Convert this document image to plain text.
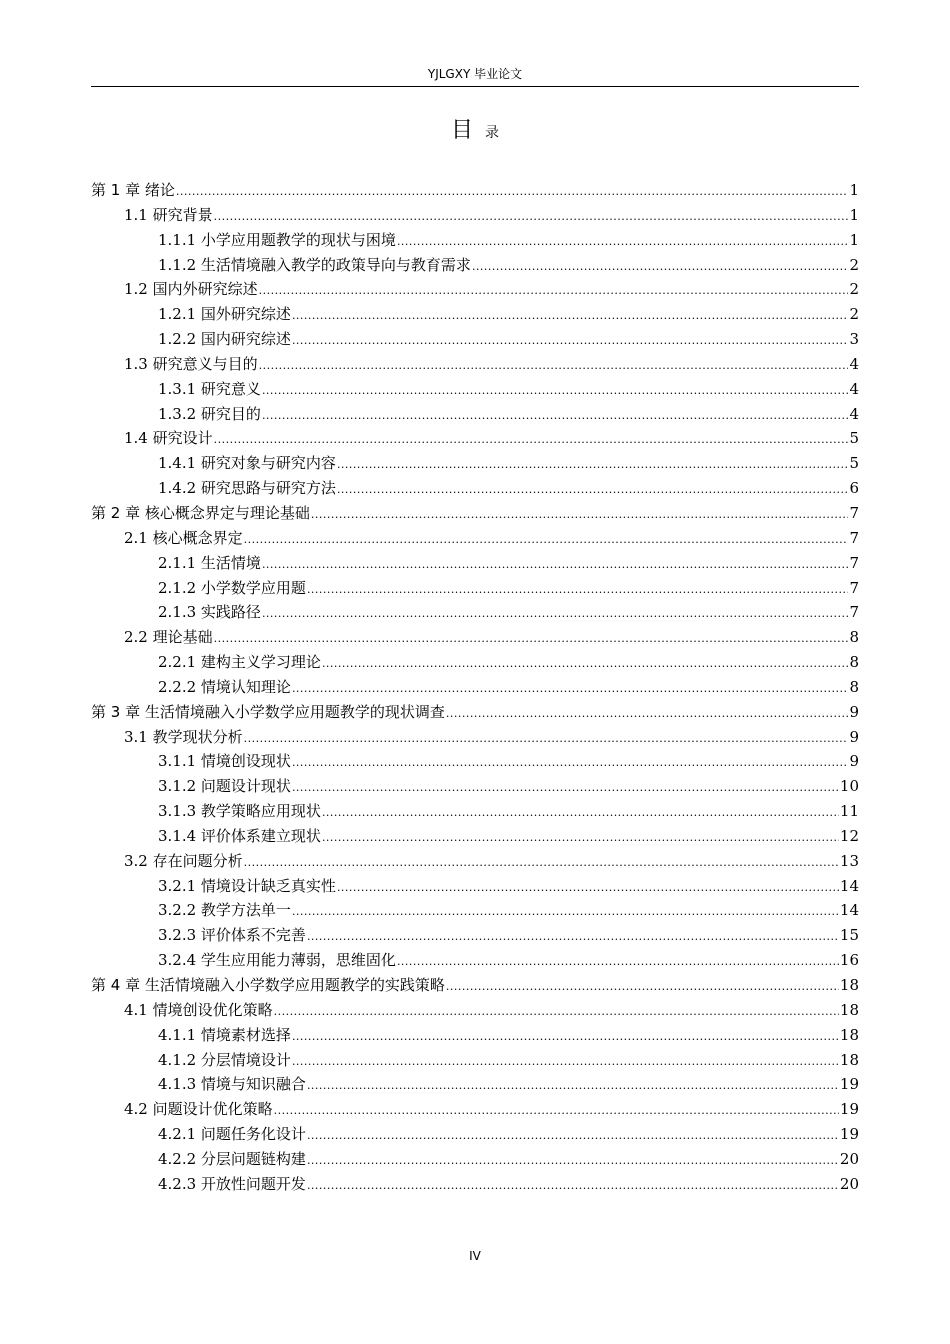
YJLGXY 毕业论文
目录
第 1 章 绪论 .....	1
1.1 研究背景 .....	1
1.1.1 小学应用题教学的现状与困境 .....	1
1.1.2 生活情境融入教学的政策导向与教育需求 .....	2
1.2 国内外研究综述 .....	2
1.2.1 国外研究综述 .....	2
1.2.2 国内研究综述 .....	3
1.3 研究意义与目的 .....	4
1.3.1 研究意义 .....	4
1.3.2 研究目的 .....	4
1.4 研究设计 .....	5
1.4.1 研究对象与研究内容 .....	5
1.4.2 研究思路与研究方法 .....	6
第 2 章 核心概念界定与理论基础 .....	7
2.1 核心概念界定 .....	7
2.1.1 生活情境 .....	7
2.1.2 小学数学应用题 .....	7
2.1.3 实践路径 .....	7
2.2 理论基础 .....	8
2.2.1 建构主义学习理论 .....	8
2.2.2 情境认知理论 .....	8
第 3 章 生活情境融入小学数学应用题教学的现状调查 .....	9
3.1 教学现状分析 .....	9
3.1.1 情境创设现状 .....	9
3.1.2 问题设计现状 .....	10
3.1.3 教学策略应用现状 .....	11
3.1.4 评价体系建立现状 .....	12
3.2 存在问题分析 .....	13
3.2.1 情境设计缺乏真实性 .....	14
3.2.2 教学方法单一 .....	14
3.2.3 评价体系不完善 .....	15
3.2.4 学生应用能力薄弱，思维固化 .....	16
第 4 章 生活情境融入小学数学应用题教学的实践策略 .....	18
4.1 情境创设优化策略 .....	18
4.1.1 情境素材选择 .....	18
4.1.2 分层情境设计 .....	18
4.1.3 情境与知识融合 .....	19
4.2 问题设计优化策略 .....	19
4.2.1 问题任务化设计 .....	19
4.2.2 分层问题链构建 .....	20
4.2.3 开放性问题开发 .....	20
IV
